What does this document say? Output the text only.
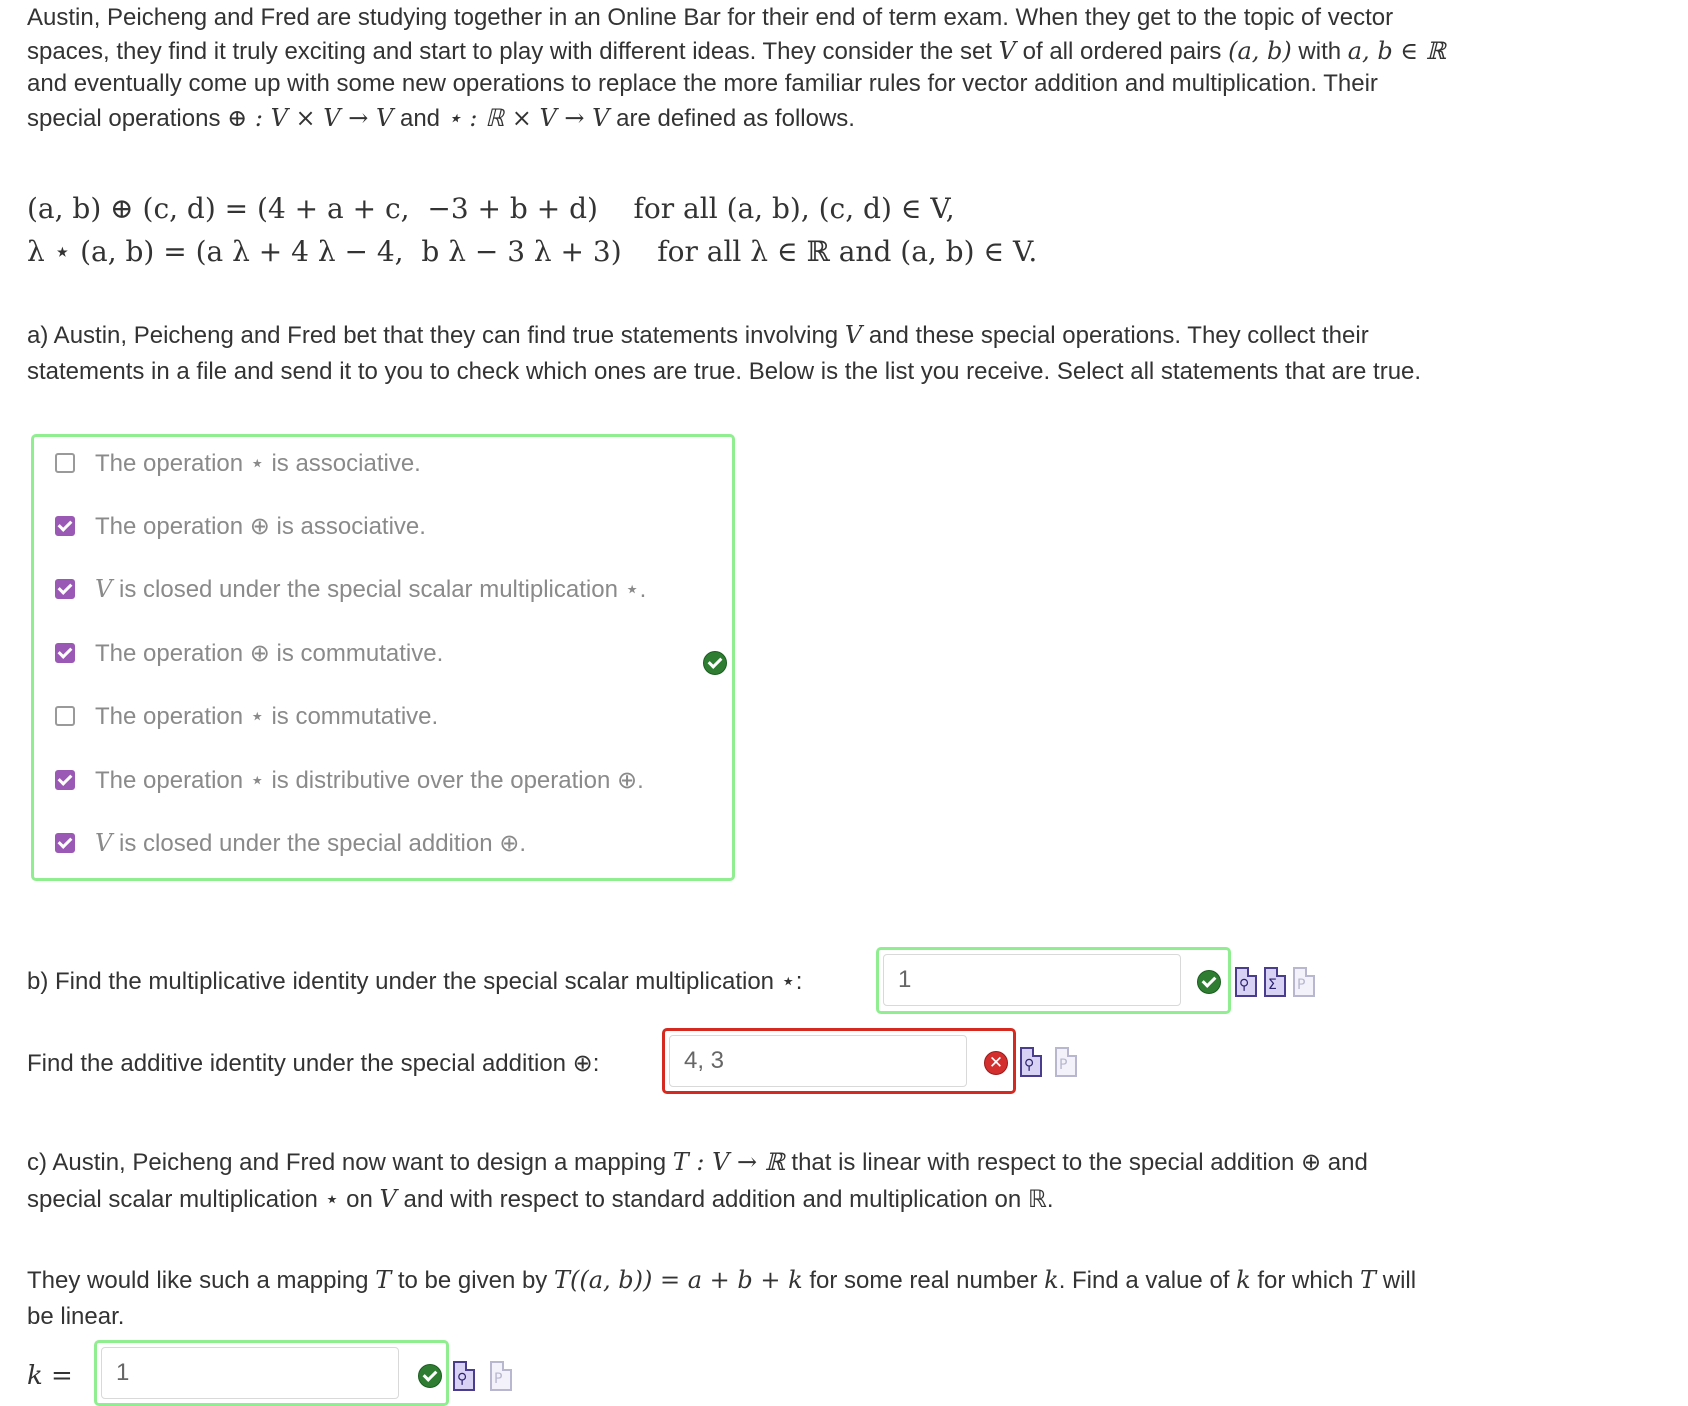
Austin, Peicheng and Fred are studying together in an Online Bar for their end of term exam. When they get to the topic of vector

spaces, they find it truly exciting and start to play with different ideas. They consider the set V of all ordered pairs (a, b) with a, b ∈ ℝ

and eventually come up with some new operations to replace the more familiar rules for vector addition and multiplication. Their

special operations ⊕ : V × V → V and ⋆ : ℝ × V → V are defined as follows.

(a, b) ⊕ (c, d) = (4 + a + c,  −3 + b + d)    for all (a, b), (c, d) ∈ V,
λ ⋆ (a, b) = (a λ + 4 λ − 4,  b λ − 3 λ + 3)    for all λ ∈ ℝ and (a, b) ∈ V.

a) Austin, Peicheng and Fred bet that they can find true statements involving V and these special operations. They collect their

statements in a file and send it to you to check which ones are true. Below is the list you receive. Select all statements that are true.

The operation ⋆ is associative.
The operation ⊕ is associative.
V is closed under the special scalar multiplication ⋆.
The operation ⊕ is commutative.
The operation ⋆ is commutative.
The operation ⋆ is distributive over the operation ⊕.
V is closed under the special addition ⊕.

b) Find the multiplicative identity under the special scalar multiplication ⋆:	1	⚲ Σ P

Find the additive identity under the special addition ⊕:	4, 3	✕	⚲ P

c) Austin, Peicheng and Fred now want to design a mapping T : V → ℝ that is linear with respect to the special addition ⊕ and

special scalar multiplication ⋆ on V and with respect to standard addition and multiplication on ℝ.

They would like such a mapping T to be given by T((a, b)) = a + b + k for some real number k. Find a value of k for which T will

be linear.

k =	1	⚲ P
